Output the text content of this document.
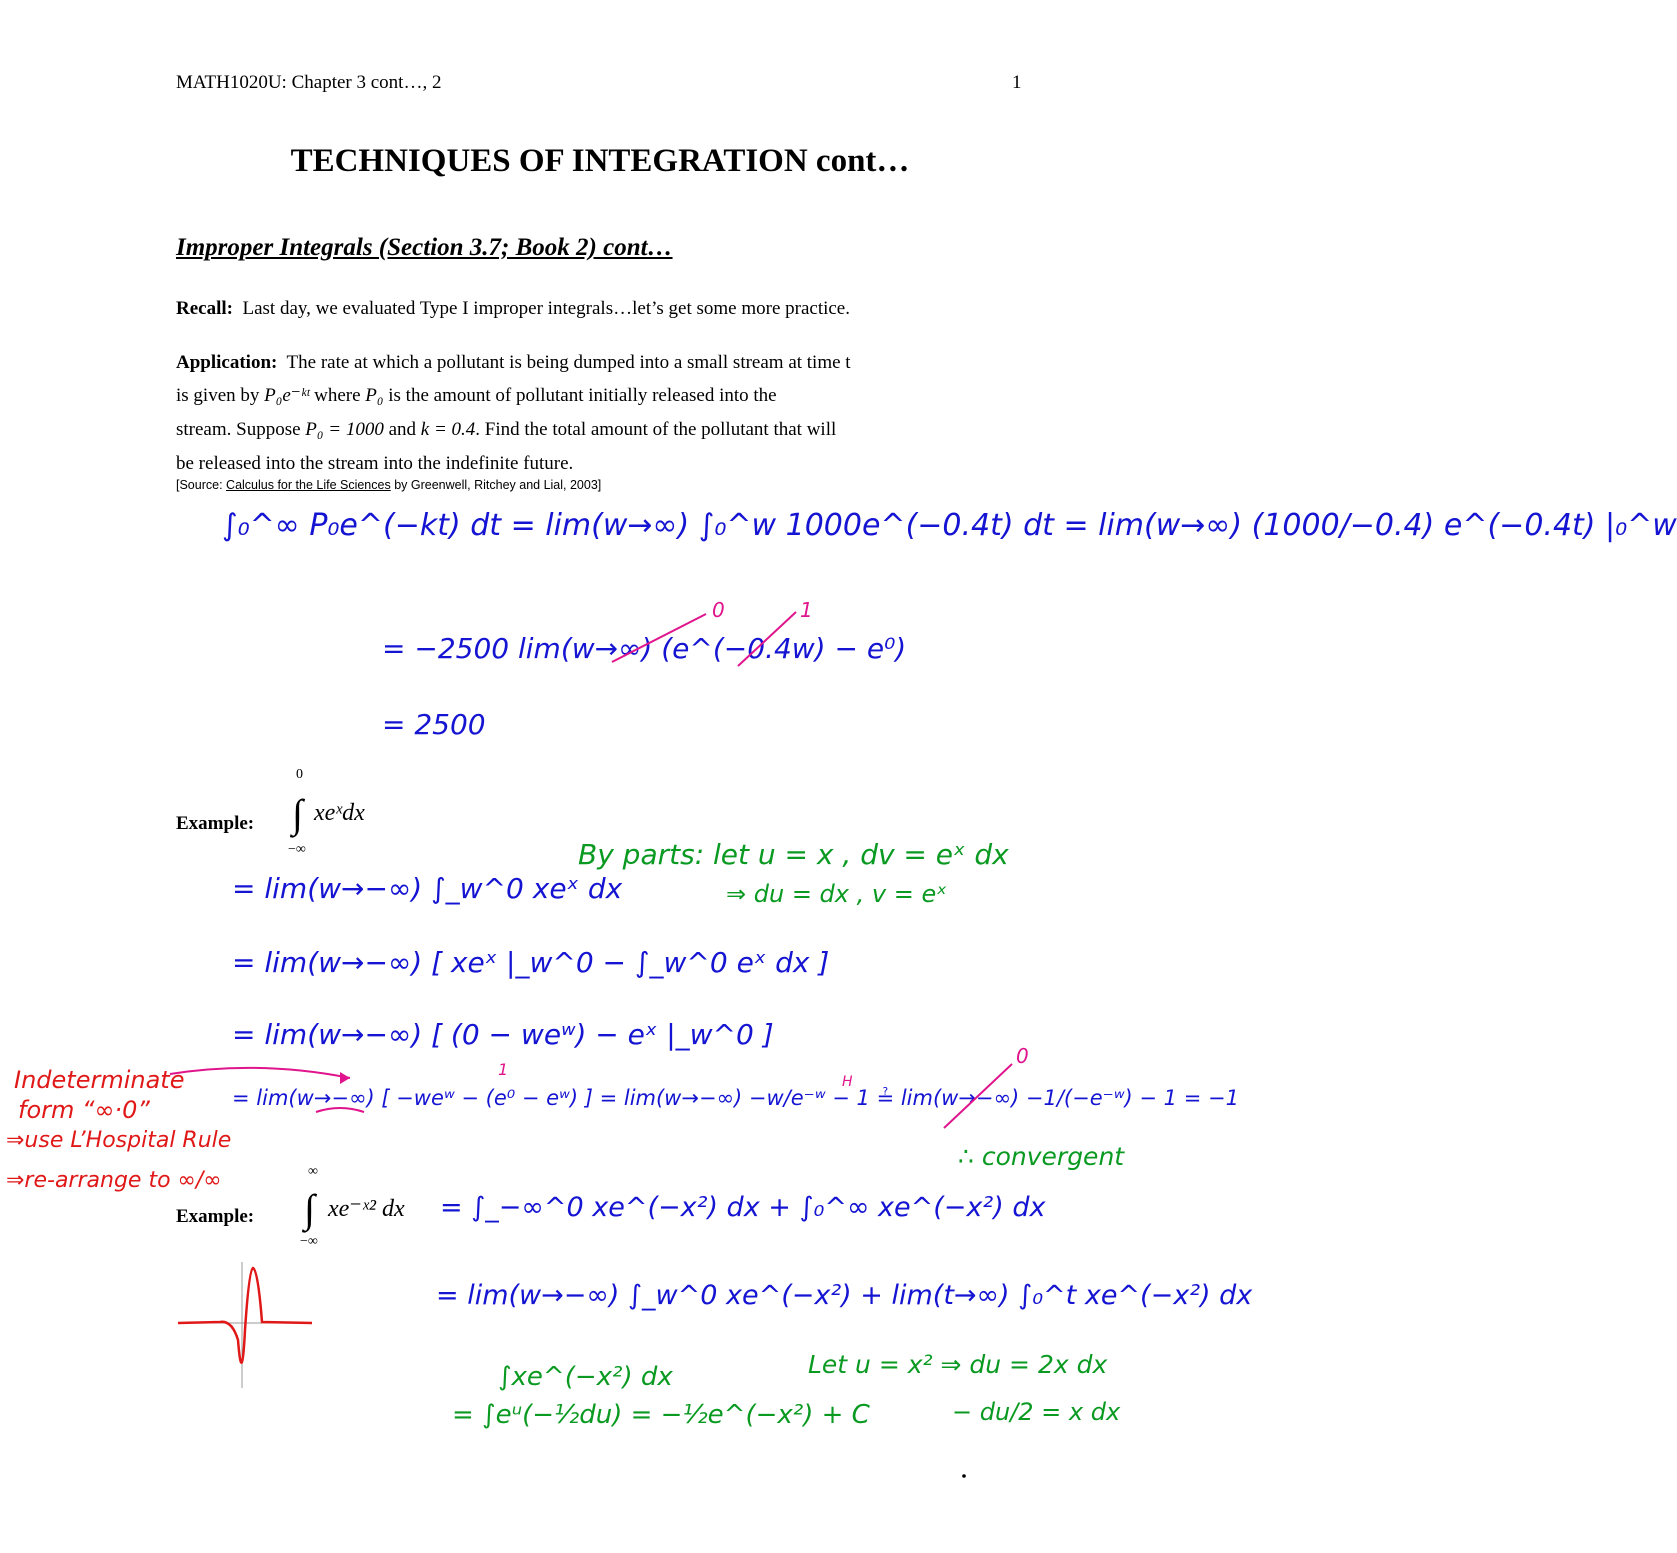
MATH1020U: Chapter 3 cont…, 2	1
TECHNIQUES OF INTEGRATION cont…
Improper Integrals (Section 3.7; Book 2) cont…
Recall: Last day, we evaluated Type I improper integrals…let’s get some more practice.
Application: The rate at which a pollutant is being dumped into a small stream at time t
is given by P₀e⁻ᵏᵗ where P₀ is the amount of pollutant initially released into the
stream. Suppose P₀ = 1000 and k = 0.4. Find the total amount of the pollutant that will
be released into the stream into the indefinite future.
[Source: Calculus for the Life Sciences by Greenwell, Ritchey and Lial, 2003]
∫₀^∞ P₀e^(−kt) dt = lim(w→∞) ∫₀^w 1000e^(−0.4t) dt = lim(w→∞) (1000/−0.4) e^(−0.4t) |₀^w
= −2500 lim(w→∞) (e^(−0.4w) − e⁰)
= 2500
0	1
Example:
0
∫ xeˣdx
−∞	By parts: let u = x , dv = eˣ dx
⇒ du = dx , v = eˣ
= lim(w→−∞) ∫_w^0 xeˣ dx
= lim(w→−∞) [ xeˣ |_w^0 − ∫_w^0 eˣ dx ]
= lim(w→−∞) [ (0 − weʷ) − eˣ |_w^0 ]
= lim(w→−∞) [ −weʷ − (e⁰ − eʷ) ] = lim(w→−∞) −w/e⁻ʷ − 1 ≟ lim(w→−∞) −1/(−e⁻ʷ) − 1 = −1
1
0
H
∴ convergent
Indeterminate
form “∞·0”
⇒use L’Hospital Rule
⇒re-arrange to ∞/∞
Example:
∞
∫ xe⁻ˣ² dx
−∞
= ∫_−∞^0 xe^(−x²) dx + ∫₀^∞ xe^(−x²) dx
= lim(w→−∞) ∫_w^0 xe^(−x²) + lim(t→∞) ∫₀^t xe^(−x²) dx
∫xe^(−x²) dx
= ∫eᵘ(−½du) = −½e^(−x²) + C
Let u = x² ⇒ du = 2x dx
− du/2 = x dx
